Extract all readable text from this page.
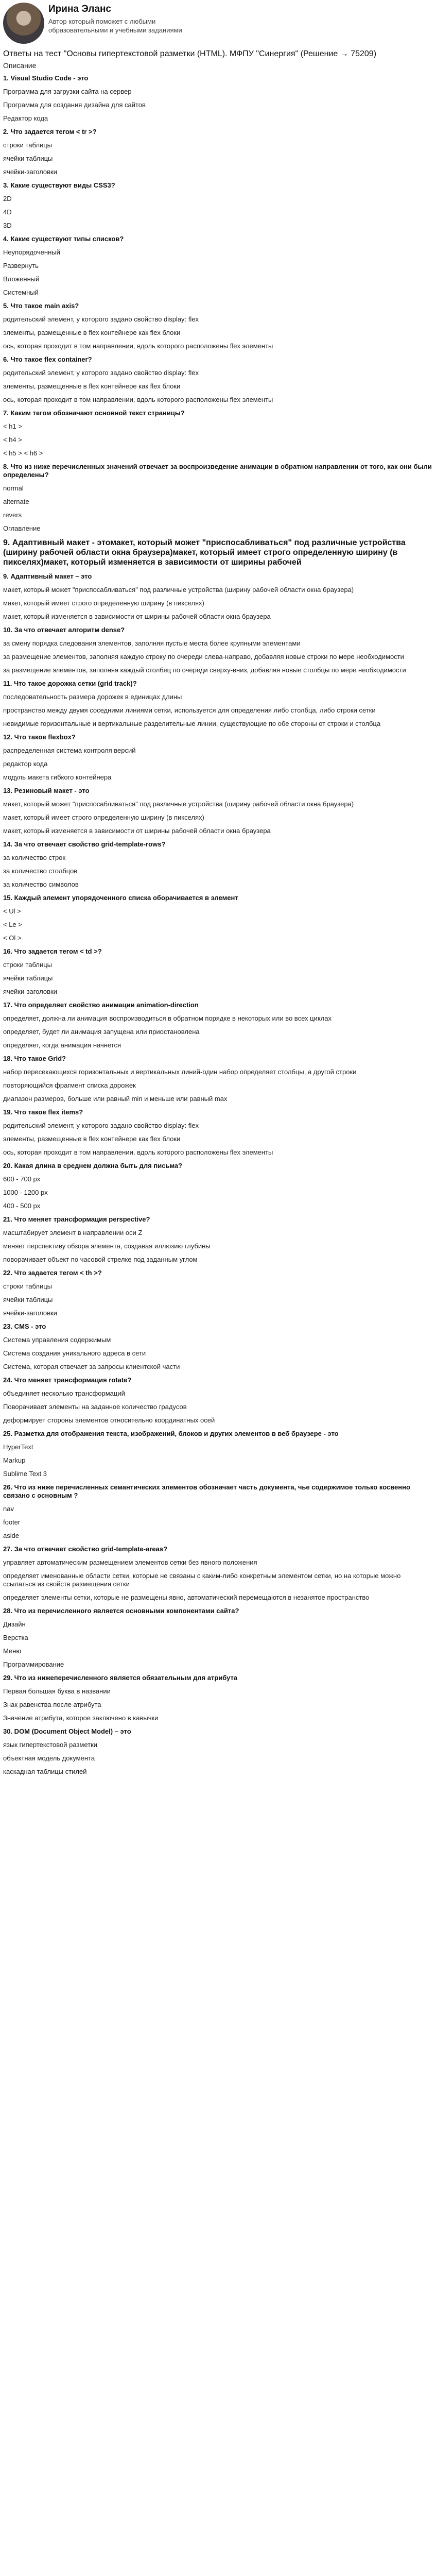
Ирина Эланс
Автор который поможет с любыми образовательными и учебными заданиями
Ответы на тест "Основы гипертекстовой разметки (HTML). МФПУ "Синергия" (Решение → 75209)
Описание
1. Visual Studio Code - это
Программа для загрузки сайта на сервер
Программа для создания дизайна для сайтов
Редактор кода
2. Что задается тегом < tr >?
строки таблицы
ячейки таблицы
ячейки-заголовки
3. Какие существуют виды CSS3?
2D
4D
3D
4. Какие существуют типы списков?
Неупорядоченный
Развернуть
Вложенный
Системный
5. Что такое main axis?
родительский элемент, у которого задано свойство display: flex
элементы, размещенные в flex контейнере как flex блоки
ось, которая проходит в том направлении, вдоль которого расположены flex элементы
6. Что такое flex container?
родительский элемент, у которого задано свойство display: flex
элементы, размещенные в flex контейнере как flex блоки
ось, которая проходит в том направлении, вдоль которого расположены flex элементы
7. Каким тегом обозначают основной текст страницы?
< h1 >
< h4 >
< h5 > < h6 >
8. Что из ниже перечисленных значений отвечает за воспроизведение анимации в обратном направлении от того, как они были определены?
normal
alternate
revers
Оглавление
9. Адаптивный макет - этомакет, который может "приспосабливаться" под различные устройства (ширину рабочей области окна браузера)макет, который имеет строго определенную ширину (в пикселях)макет, который изменяется в зависимости от ширины рабочей
9. Адаптивный макет – это
макет, который может "приспосабливаться" под различные устройства (ширину рабочей области окна браузера)
макет, который имеет строго определенную ширину (в пикселях)
макет, который изменяется в зависимости от ширины рабочей области окна браузера
10. За что отвечает алгоритм dense?
за смену порядка следования элементов, заполняя пустые места более крупными элементами
за размещение элементов, заполняя каждую строку по очереди слева-направо, добавляя новые строки по мере необходимости
за размещение элементов, заполняя каждый столбец по очереди сверху-вниз, добавляя новые столбцы по мере необходимости
11. Что такое дорожка сетки (grid track)?
последовательность размера дорожек в единицах длины
пространство между двумя соседними линиями сетки, используется для определения либо столбца, либо строки сетки
невидимые горизонтальные и вертикальные разделительные линии, существующие по обе стороны от строки и столбца
12. Что такое flexbox?
распределенная система контроля версий
редактор кода
модуль макета гибкого контейнера
13. Резиновый макет - это
макет, который может "приспосабливаться" под различные устройства (ширину рабочей области окна браузера)
макет, который имеет строго определенную ширину (в пикселях)
макет, который изменяется в зависимости от ширины рабочей области окна браузера
14. За что отвечает свойство grid-template-rows?
за количество строк
за количество столбцов
за количество символов
15. Каждый элемент упорядоченного списка оборачивается в элемент
< Ul >
< Le >
< Ol >
16. Что задается тегом < td >?
строки таблицы
ячейки таблицы
ячейки-заголовки
17. Что определяет свойство анимации animation-direction
определяет, должна ли анимация воспроизводиться в обратном порядке в некоторых или во всех циклах
определяет, будет ли анимация запущена или приостановлена
определяет, когда анимация начнется
18. Что такое Grid?
набор пересекающихся горизонтальных и вертикальных линий-один набор определяет столбцы, а другой строки
повторяющийся фрагмент списка дорожек
диапазон размеров, больше или равный min и меньше или равный max
19. Что такое flex items?
родительский элемент, у которого задано свойство display: flex
элементы, размещенные в flex контейнере как flex блоки
ось, которая проходит в том направлении, вдоль которого расположены flex элементы
20. Какая длина в среднем должна быть для письма?
600 - 700 px
1000 - 1200 px
400 - 500 px
21. Что меняет трансформация perspective?
масштабирует элемент в направлении оси Z
меняет перспективу обзора элемента, создавая иллюзию глубины
поворачивает объект по часовой стрелке под заданным углом
22. Что задается тегом < th >?
строки таблицы
ячейки таблицы
ячейки-заголовки
23. CMS - это
Система управления содержимым
Система создания уникального адреса в сети
Система, которая отвечает за запросы клиентской части
24. Что меняет трансформация rotate?
объединяет несколько трансформаций
Поворачивает элементы на заданное количество градусов
деформирует стороны элементов относительно координатных осей
25. Разметка для отображения текста, изображений, блоков и других элементов в веб браузере - это
HyperText
Markup
Sublime Text 3
26. Что из ниже перечисленных семантических элементов обозначает часть документа, чье содержимое только косвенно связано с основным ?
nav
footer
aside
27. За что отвечает свойство grid-template-areas?
управляет автоматическим размещением элементов сетки без явного положения
определяет именованные области сетки, которые не связаны с каким-либо конкретным элементом сетки, но на которые можно ссылаться из свойств размещения сетки
определяет элементы сетки, которые не размещены явно, автоматический перемещаются в незанятое пространство
28. Что из перечисленного является основными компонентами сайта?
Дизайн
Верстка
Меню
Программирование
29. Что из нижеперечисленного является обязательным для атрибута
Первая большая буква в названии
Знак равенства после атрибута
Значение атрибута, которое заключено в кавычки
30. DOM (Document Object Model) – это
язык гипертекстовой разметки
объектная модель документа
каскадная таблицы стилей
